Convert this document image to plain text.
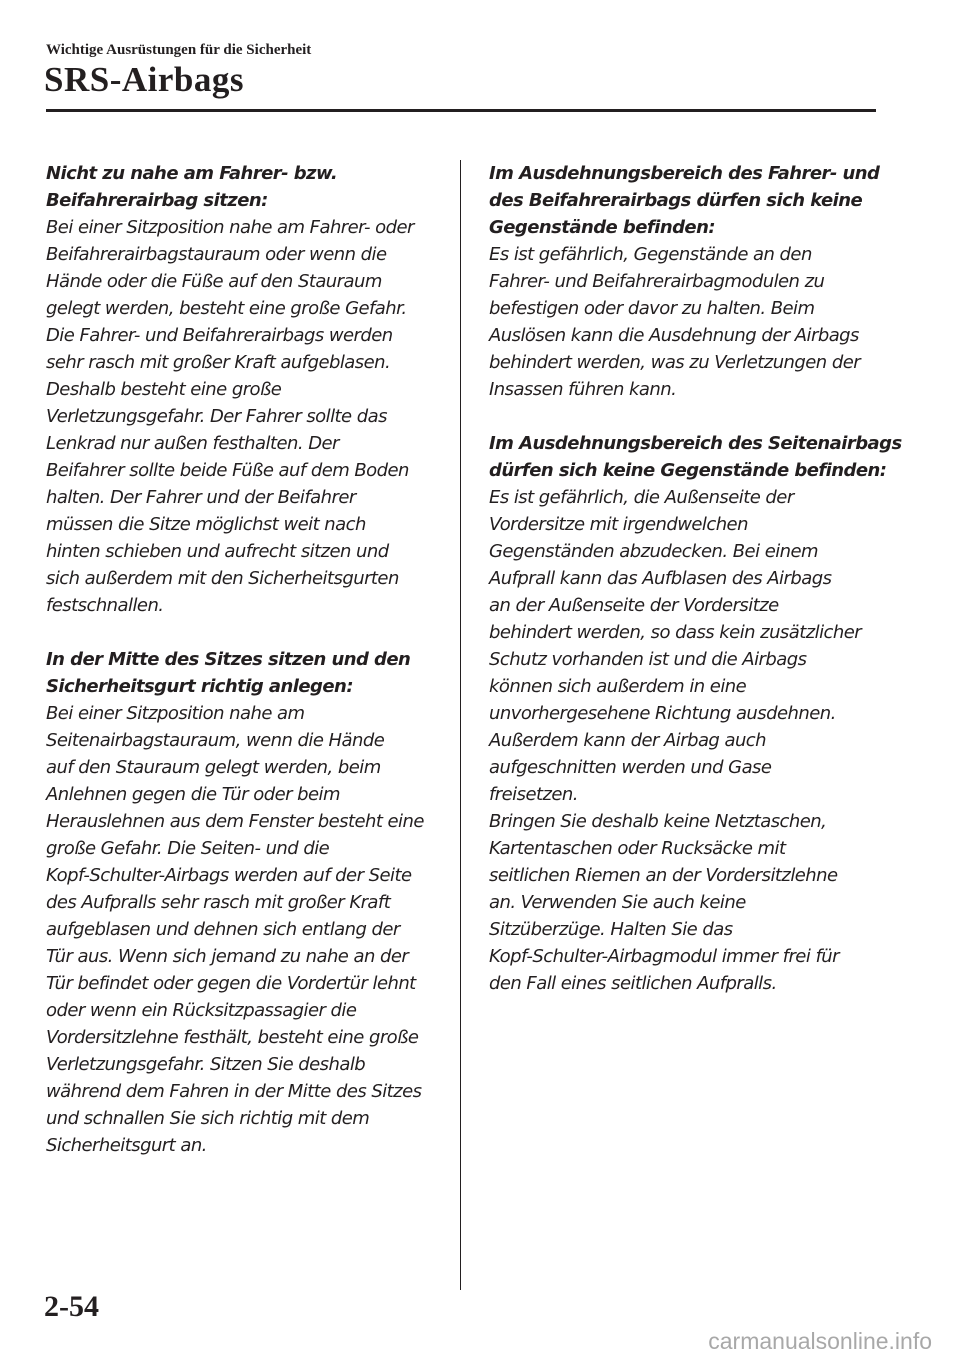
Wichtige Ausrüstungen für die Sicherheit
SRS-Airbags
Nicht zu nahe am Fahrer- bzw.
Beifahrerairbag sitzen:
Bei einer Sitzposition nahe am Fahrer- oder
Beifahrerairbagstauraum oder wenn die
Hände oder die Füße auf den Stauraum
gelegt werden, besteht eine große Gefahr.
Die Fahrer- und Beifahrerairbags werden
sehr rasch mit großer Kraft aufgeblasen.
Deshalb besteht eine große
Verletzungsgefahr. Der Fahrer sollte das
Lenkrad nur außen festhalten. Der
Beifahrer sollte beide Füße auf dem Boden
halten. Der Fahrer und der Beifahrer
müssen die Sitze möglichst weit nach
hinten schieben und aufrecht sitzen und
sich außerdem mit den Sicherheitsgurten
festschnallen.
In der Mitte des Sitzes sitzen und den
Sicherheitsgurt richtig anlegen:
Bei einer Sitzposition nahe am
Seitenairbagstauraum, wenn die Hände
auf den Stauraum gelegt werden, beim
Anlehnen gegen die Tür oder beim
Herauslehnen aus dem Fenster besteht eine
große Gefahr. Die Seiten- und die
Kopf-Schulter-Airbags werden auf der Seite
des Aufpralls sehr rasch mit großer Kraft
aufgeblasen und dehnen sich entlang der
Tür aus. Wenn sich jemand zu nahe an der
Tür befindet oder gegen die Vordertür lehnt
oder wenn ein Rücksitzpassagier die
Vordersitzlehne festhält, besteht eine große
Verletzungsgefahr. Sitzen Sie deshalb
während dem Fahren in der Mitte des Sitzes
und schnallen Sie sich richtig mit dem
Sicherheitsgurt an.
Im Ausdehnungsbereich des Fahrer- und
des Beifahrerairbags dürfen sich keine
Gegenstände befinden:
Es ist gefährlich, Gegenstände an den
Fahrer- und Beifahrerairbagmodulen zu
befestigen oder davor zu halten. Beim
Auslösen kann die Ausdehnung der Airbags
behindert werden, was zu Verletzungen der
Insassen führen kann.
Im Ausdehnungsbereich des Seitenairbags
dürfen sich keine Gegenstände befinden:
Es ist gefährlich, die Außenseite der
Vordersitze mit irgendwelchen
Gegenständen abzudecken. Bei einem
Aufprall kann das Aufblasen des Airbags
an der Außenseite der Vordersitze
behindert werden, so dass kein zusätzlicher
Schutz vorhanden ist und die Airbags
können sich außerdem in eine
unvorhergesehene Richtung ausdehnen.
Außerdem kann der Airbag auch
aufgeschnitten werden und Gase
freisetzen.
Bringen Sie deshalb keine Netztaschen,
Kartentaschen oder Rucksäcke mit
seitlichen Riemen an der Vordersitzlehne
an. Verwenden Sie auch keine
Sitzüberzüge. Halten Sie das
Kopf-Schulter-Airbagmodul immer frei für
den Fall eines seitlichen Aufpralls.
2-54
carmanualsonline.info
